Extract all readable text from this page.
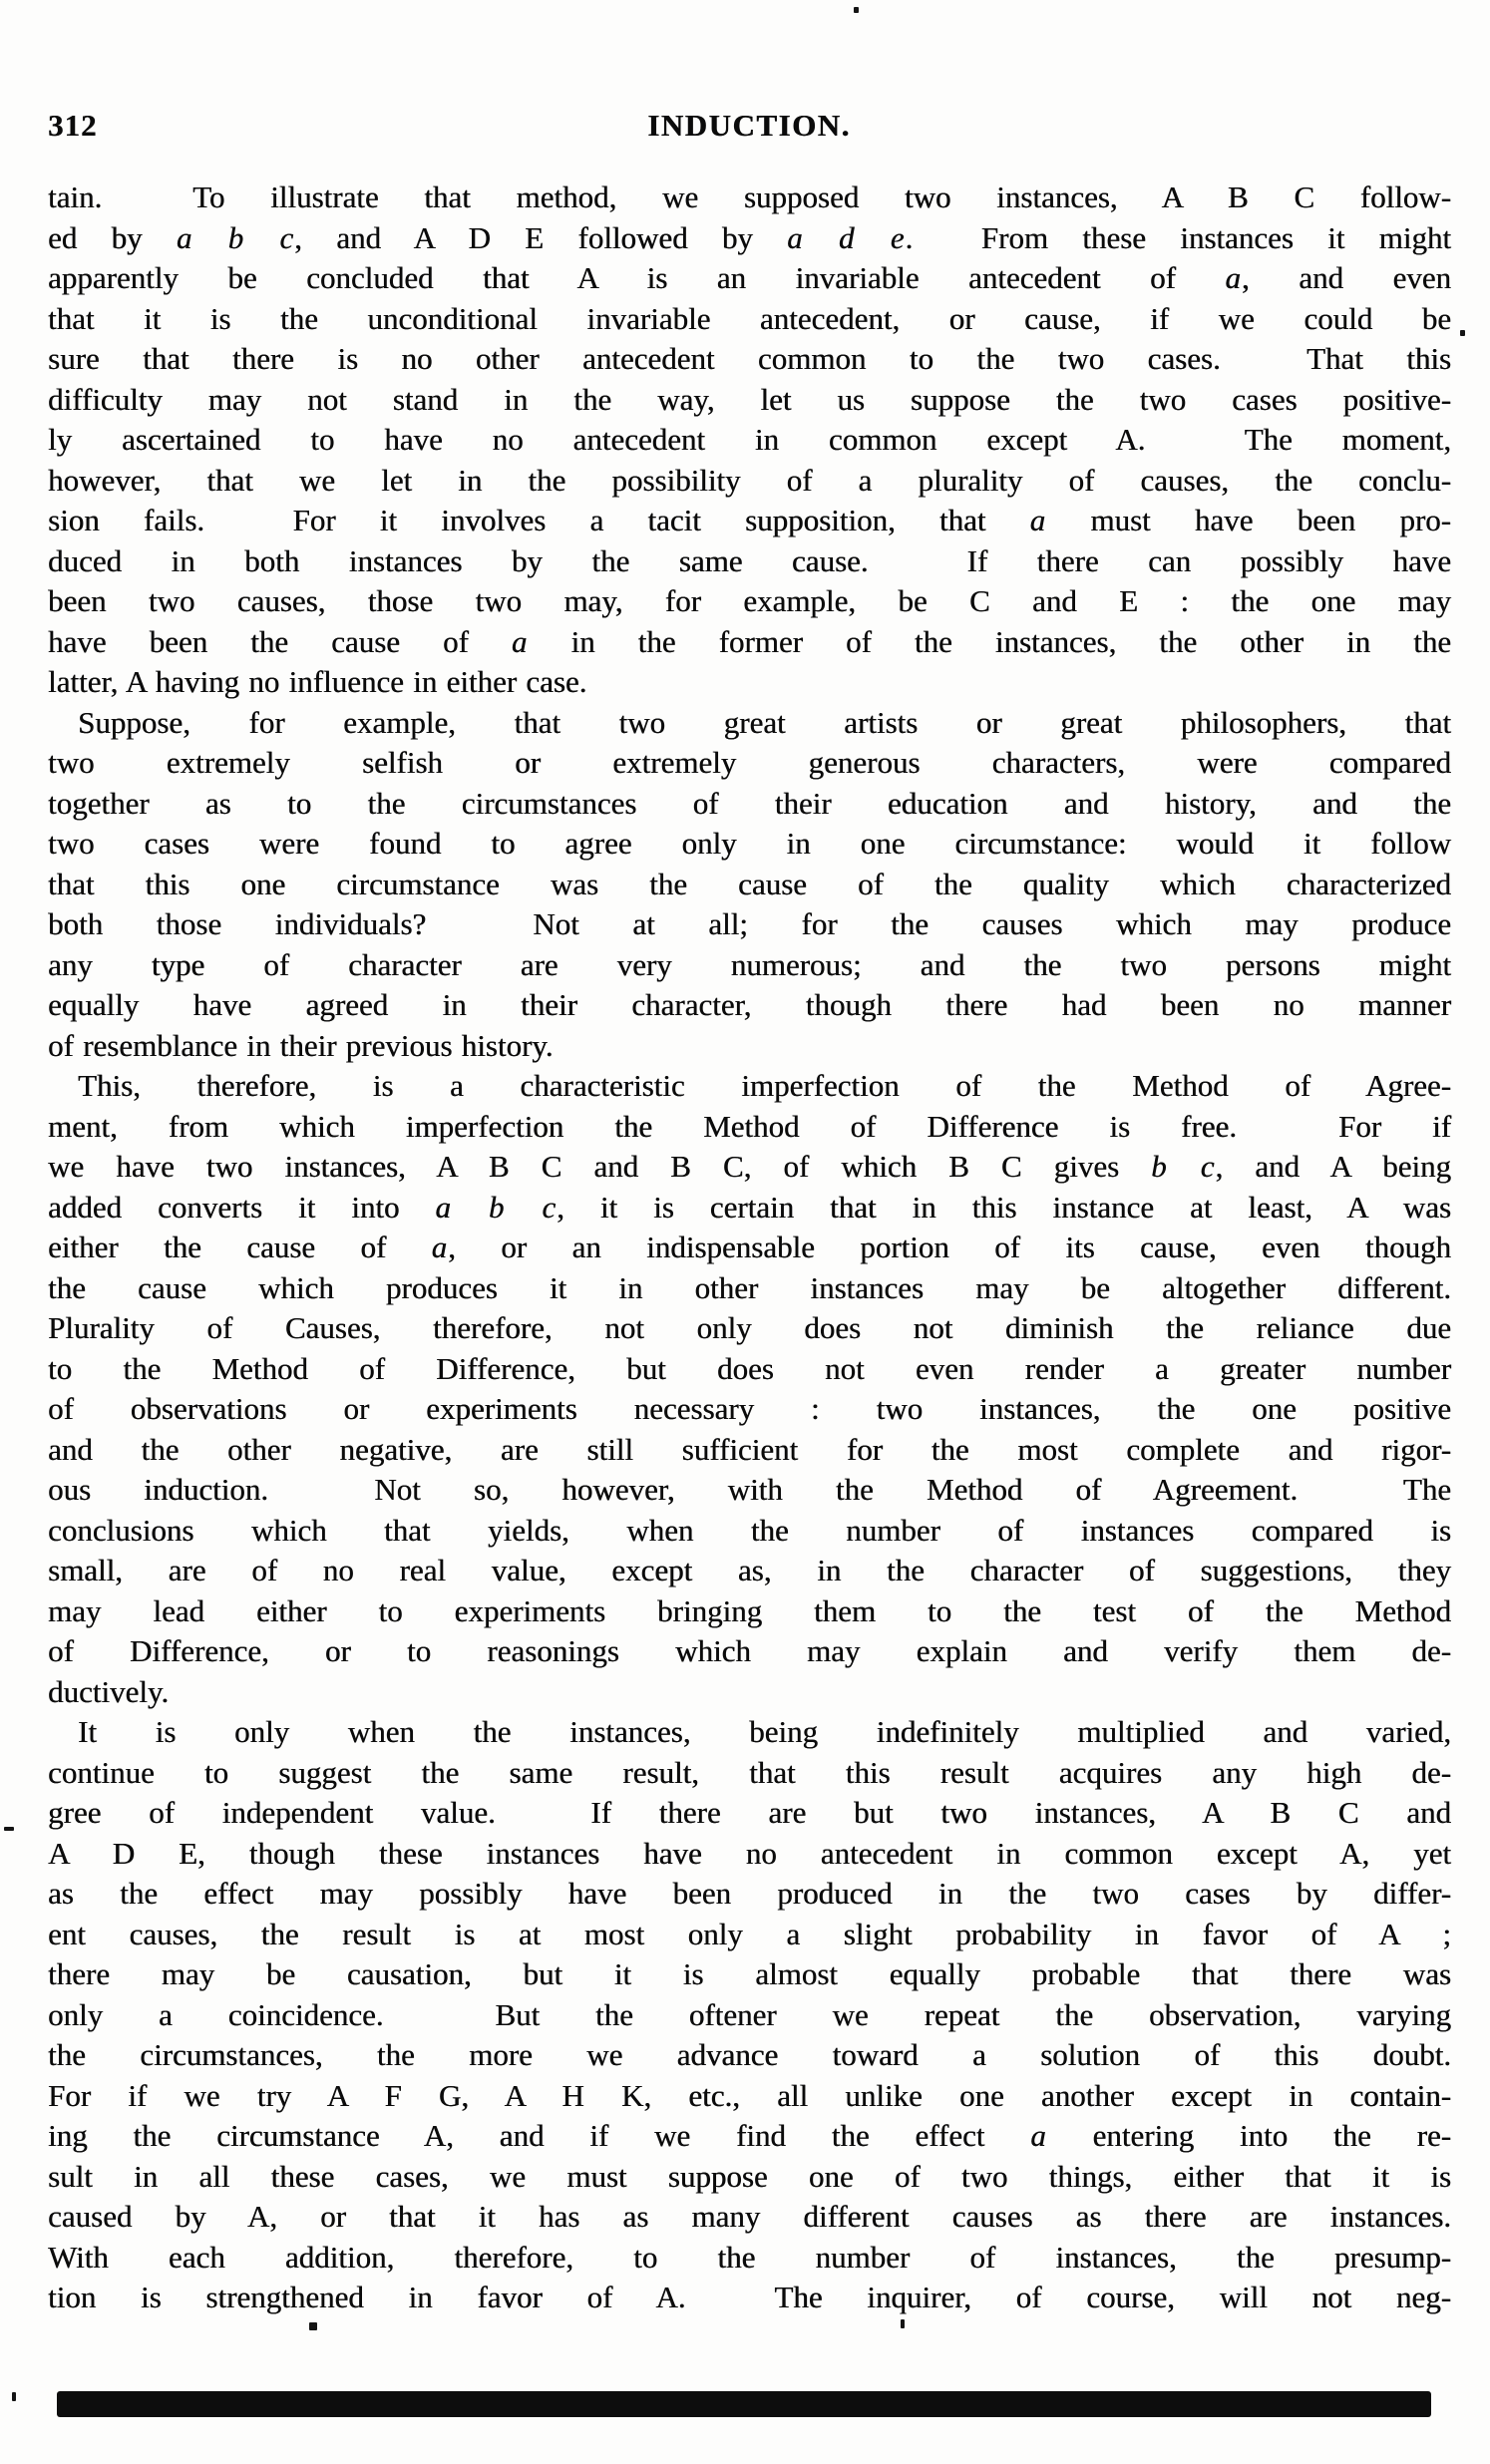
312	INDUCTION.
tain.  To illustrate that method, we supposed two instances, A B C follow-
ed by a b c, and A D E followed by a d e.  From these instances it might
apparently be concluded that A is an invariable antecedent of a, and even
that it is the unconditional invariable antecedent, or cause, if we could be
sure that there is no other antecedent common to the two cases.  That this
difficulty may not stand in the way, let us suppose the two cases positive-
ly ascertained to have no antecedent in common except A.  The moment,
however, that we let in the possibility of a plurality of causes, the conclu-
sion fails.  For it involves a tacit supposition, that a must have been pro-
duced in both instances by the same cause.  If there can possibly have
been two causes, those two may, for example, be C and E : the one may
have been the cause of a in the former of the instances, the other in the
latter, A having no influence in either case.
Suppose, for example, that two great artists or great philosophers, that
two extremely selfish or extremely generous characters, were compared
together as to the circumstances of their education and history, and the
two cases were found to agree only in one circumstance: would it follow
that this one circumstance was the cause of the quality which characterized
both those individuals?  Not at all; for the causes which may produce
any type of character are very numerous; and the two persons might
equally have agreed in their character, though there had been no manner
of resemblance in their previous history.
This, therefore, is a characteristic imperfection of the Method of Agree-
ment, from which imperfection the Method of Difference is free.  For if
we have two instances, A B C and B C, of which B C gives b c, and A being
added converts it into a b c, it is certain that in this instance at least, A was
either the cause of a, or an indispensable portion of its cause, even though
the cause which produces it in other instances may be altogether different.
Plurality of Causes, therefore, not only does not diminish the reliance due
to the Method of Difference, but does not even render a greater number
of observations or experiments necessary : two instances, the one positive
and the other negative, are still sufficient for the most complete and rigor-
ous induction.  Not so, however, with the Method of Agreement.  The
conclusions which that yields, when the number of instances compared is
small, are of no real value, except as, in the character of suggestions, they
may lead either to experiments bringing them to the test of the Method
of Difference, or to reasonings which may explain and verify them de-
ductively.
It is only when the instances, being indefinitely multiplied and varied,
continue to suggest the same result, that this result acquires any high de-
gree of independent value.  If there are but two instances, A B C and
A D E, though these instances have no antecedent in common except A, yet
as the effect may possibly have been produced in the two cases by differ-
ent causes, the result is at most only a slight probability in favor of A ;
there may be causation, but it is almost equally probable that there was
only a coincidence.  But the oftener we repeat the observation, varying
the circumstances, the more we advance toward a solution of this doubt.
For if we try A F G, A H K, etc., all unlike one another except in contain-
ing the circumstance A, and if we find the effect a entering into the re-
sult in all these cases, we must suppose one of two things, either that it is
caused by A, or that it has as many different causes as there are instances.
With each addition, therefore, to the number of instances, the presump-
tion is strengthened in favor of A.  The inquirer, of course, will not neg-
